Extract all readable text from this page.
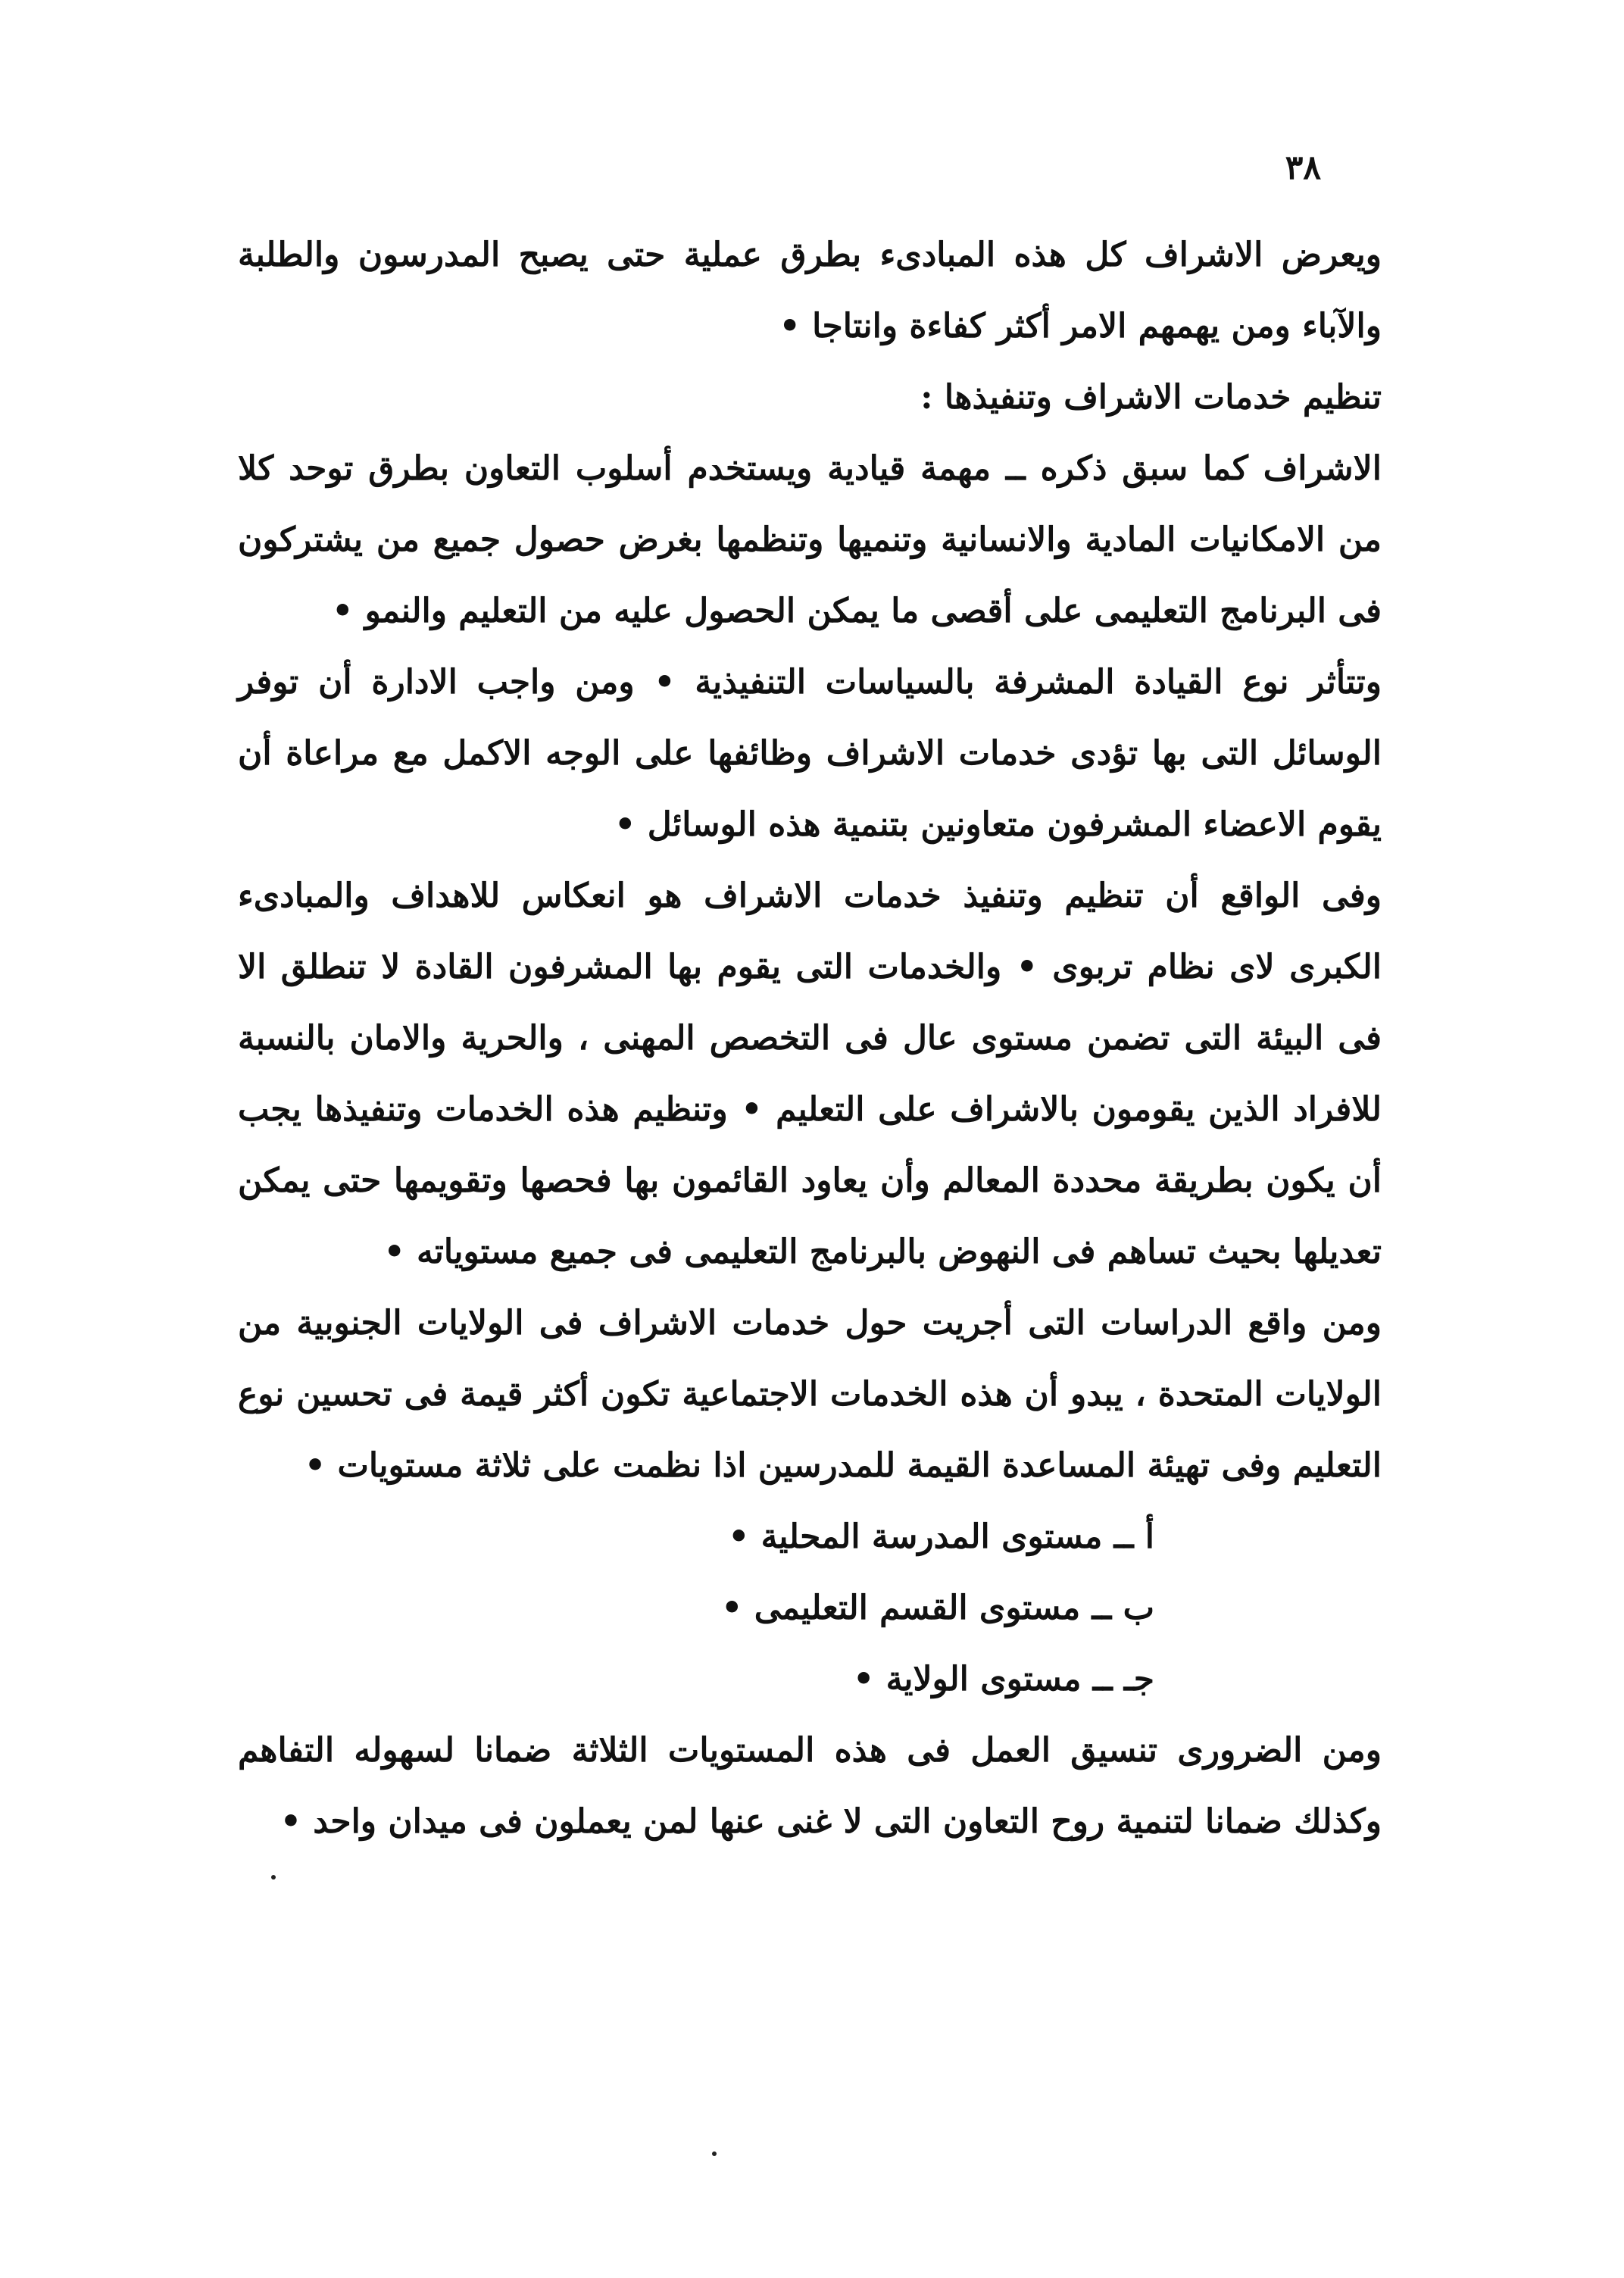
٣٨

ويعرض الاشراف كل هذه المبادىء بطرق عملية حتى يصبح المدرسون والطلبة والآباء ومن يهمهم الامر أكثر كفاءة وانتاجا •

تنظيم خدمات الاشراف وتنفيذها :

الاشراف كما سبق ذكره ــ مهمة قيادية ويستخدم أسلوب التعاون بطرق توحد كلا من الامكانيات المادية والانسانية وتنميها وتنظمها بغرض حصول جميع من يشتركون فى البرنامج التعليمى على أقصى ما يمكن الحصول عليه من التعليم والنمو •

وتتأثر نوع القيادة المشرفة بالسياسات التنفيذية • ومن واجب الادارة أن توفر الوسائل التى بها تؤدى خدمات الاشراف وظائفها على الوجه الاكمل مع مراعاة أن يقوم الاعضاء المشرفون متعاونين بتنمية هذه الوسائل •

وفى الواقع أن تنظيم وتنفيذ خدمات الاشراف هو انعكاس للاهداف والمبادىء الكبرى لاى نظام تربوى • والخدمات التى يقوم بها المشرفون القادة لا تنطلق الا فى البيئة التى تضمن مستوى عال فى التخصص المهنى ، والحرية والامان بالنسبة للافراد الذين يقومون بالاشراف على التعليم • وتنظيم هذه الخدمات وتنفيذها يجب أن يكون بطريقة محددة المعالم وأن يعاود القائمون بها فحصها وتقويمها حتى يمكن تعديلها بحيث تساهم فى النهوض بالبرنامج التعليمى فى جميع مستوياته •

ومن واقع الدراسات التى أجريت حول خدمات الاشراف فى الولايات الجنوبية من الولايات المتحدة ، يبدو أن هذه الخدمات الاجتماعية تكون أكثر قيمة فى تحسين نوع التعليم وفى تهيئة المساعدة القيمة للمدرسين اذا نظمت على ثلاثة مستويات •

أ ــ مستوى المدرسة المحلية •

ب ــ مستوى القسم التعليمى •

جـ ــ مستوى الولاية •

ومن الضرورى تنسيق العمل فى هذه المستويات الثلاثة ضمانا لسهوله التفاهم وكذلك ضمانا لتنمية روح التعاون التى لا غنى عنها لمن يعملون فى ميدان واحد •
